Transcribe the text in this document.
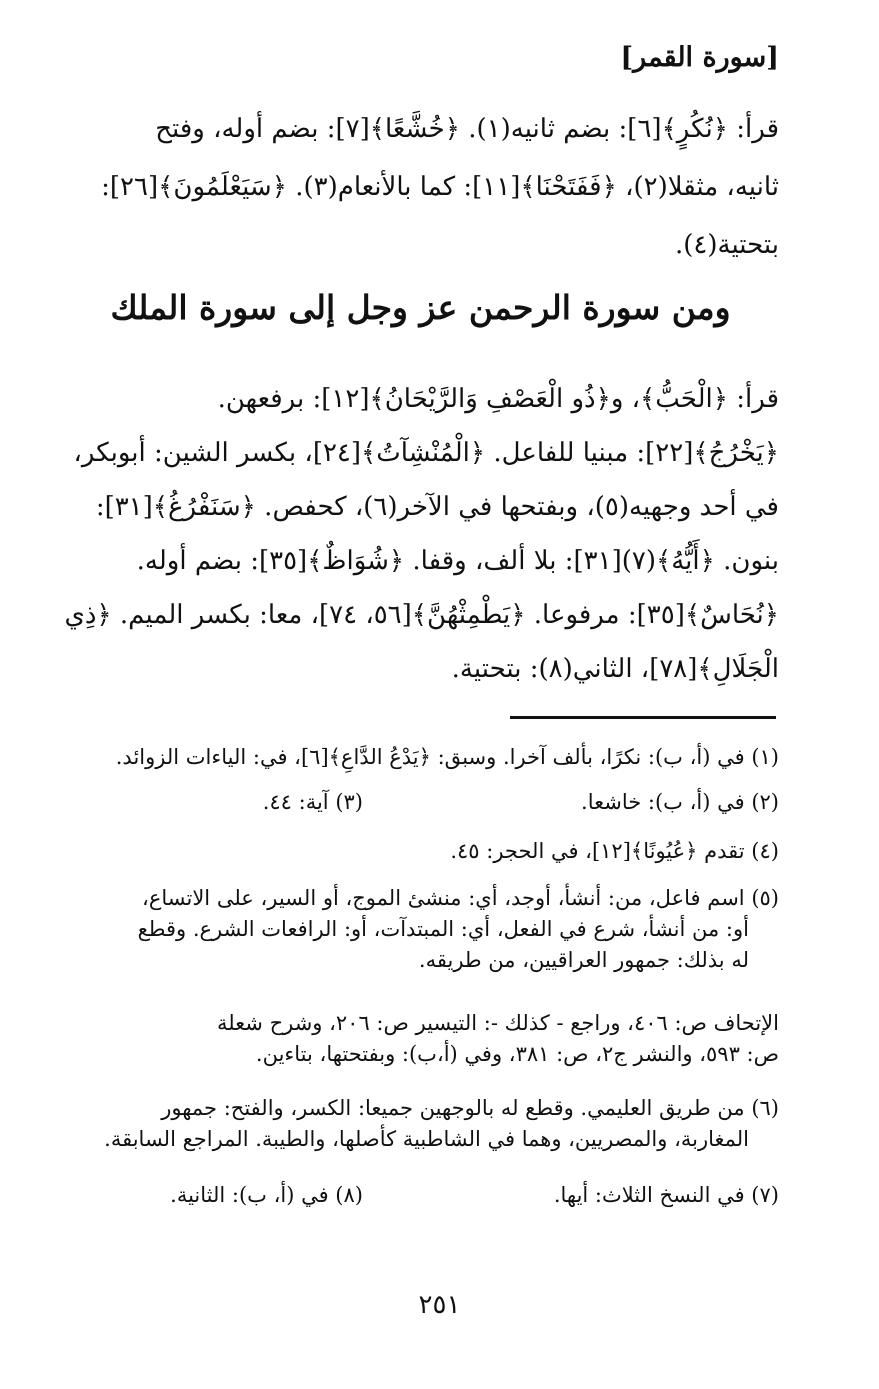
[سورة القمر]
قرأ: ﴿نُكُرٍ﴾[٦]: بضم ثانيه(١). ﴿خُشَّعًا﴾[٧]: بضم أوله، وفتح
ثانيه، مثقلا(٢)، ﴿فَفَتَحْنَا﴾[١١]: كما بالأنعام(٣). ﴿سَيَعْلَمُونَ﴾[٢٦]:
بتحتية(٤).
ومن سورة الرحمن عز وجل إلى سورة الملك
قرأ: ﴿الْحَبُّ﴾، و﴿ذُو الْعَصْفِ وَالرَّيْحَانُ﴾[١٢]: برفعهن.
﴿يَخْرُجُ﴾[٢٢]: مبنيا للفاعل. ﴿الْمُنْشِآتُ﴾[٢٤]، بكسر الشين: أبوبكر،
في أحد وجهيه(٥)، وبفتحها في الآخر(٦)، كحفص. ﴿سَنَفْرُغُ﴾[٣١]:
بنون. ﴿أَيُّهُ﴾(٧)[٣١]: بلا ألف، وقفا. ﴿شُوَاظٌ﴾[٣٥]: بضم أوله.
﴿نُحَاسٌ﴾[٣٥]: مرفوعا. ﴿يَطْمِثْهُنَّ﴾[٥٦، ٧٤]، معا: بكسر الميم. ﴿ذِي
الْجَلَالِ﴾[٧٨]، الثاني(٨): بتحتية.
(١) في (أ، ب): نكرًا، بألف آخرا. وسبق: ﴿يَدْعُ الدَّاعِ﴾[٦]، في: الياءات الزوائد.
(٢) في (أ، ب): خاشعا.
(٣) آية: ٤٤.
(٤) تقدم ﴿عُيُونًا﴾[١٢]، في الحجر: ٤٥.
(٥) اسم فاعل، من: أنشأ، أوجد، أي: منشئ الموج، أو السير، على الاتساع،
أو: من أنشأ، شرع في الفعل، أي: المبتدآت، أو: الرافعات الشرع. وقطع
له بذلك: جمهور العراقيين، من طريقه.
الإتحاف ص: ٤٠٦، وراجع - كذلك -: التيسير ص: ٢٠٦، وشرح شعلة
ص: ٥٩٣، والنشر ج٢، ص: ٣٨١، وفي (أ،ب): وبفتحتها، بتاءين.
(٦) من طريق العليمي. وقطع له بالوجهين جميعا: الكسر، والفتح: جمهور
المغاربة، والمصريين، وهما في الشاطبية كأصلها، والطيبة. المراجع السابقة.
(٧) في النسخ الثلاث: أيها.
(٨) في (أ، ب): الثانية.
٢٥١
